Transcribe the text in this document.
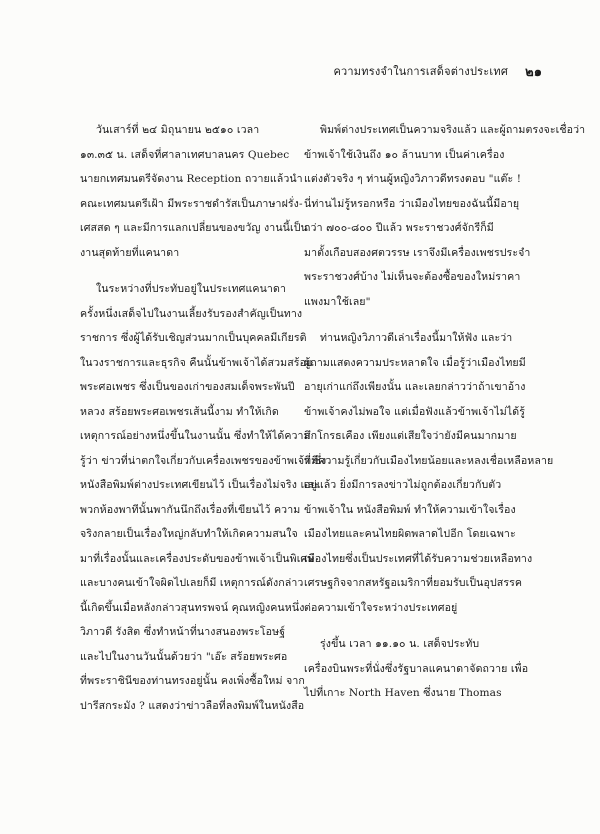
ความทรงจำในการเสด็จต่างประเทศ ๒๑
วันเสาร์ที่ ๒๔ มิถุนายน ๒๕๑๐ เวลา
๑๓.๓๕ น. เสด็จที่ศาลาเทศบาลนคร Quebec
นายกเทศมนตรีจัดงาน Reception ถวายแล้วนำ
คณะเทศมนตรีเฝ้า มีพระราชดำรัสเป็นภาษาฝรั่ง-
เศสสด ๆ และมีการแลกเปลี่ยนของขวัญ งานนี้เป็น
งานสุดท้ายที่แคนาดา
ในระหว่างที่ประทับอยู่ในประเทศแคนาดา
ครั้งหนึ่งเสด็จไปในงานเลี้ยงรับรองสำคัญเป็นทาง
ราชการ ซึ่งผู้ได้รับเชิญส่วนมากเป็นบุคคลมีเกียรติ
ในวงราชการและธุรกิจ คืนนั้นข้าพเจ้าได้สวมสร้อย
พระศอเพชร ซึ่งเป็นของเก่าของสมเด็จพระพันปี
หลวง สร้อยพระศอเพชรเส้นนี้งาม ทำให้เกิด
เหตุการณ์อย่างหนึ่งขึ้นในงานนั้น ซึ่งทำให้ได้ความ
รู้ว่า ข่าวที่น่าตกใจเกี่ยวกับเครื่องเพชรของข้าพเจ้า ซึ่ง
หนังสือพิมพ์ต่างประเทศเขียนไว้ เป็นเรื่องไม่จริง และ
พวกห้องพาทีนั้นพากันนึกถึงเรื่องที่เขียนไว้ ความ
จริงกลายเป็นเรื่องใหญ่กลับทำให้เกิดความสนใจ
มาที่เรื่องนั้นและเครื่องประดับของข้าพเจ้าเป็นพิเศษ
และบางคนเข้าใจผิดไปเลยก็มี เหตุการณ์ดังกล่าว
นี้เกิดขึ้นเมื่อหลังกล่าวสุนทรพจน์ คุณหญิงคนหนึ่ง
วิภาวดี รังสิต ซึ่งทำหน้าที่นางสนองพระโอษฐ์
และไปในงานวันนั้นด้วยว่า "เอ๊ะ สร้อยพระศอ
ที่พระราชินีของท่านทรงอยู่นั้น คงเพิ่งซื้อใหม่ จาก
ปารีสกระมัง ? แสดงว่าข่าวลือที่ลงพิมพ์ในหนังสือ
พิมพ์ต่างประเทศเป็นความจริงแล้ว และผู้ถามตรงจะเชื่อว่า
ข้าพเจ้าใช้เงินถึง ๑๐ ล้านบาท เป็นค่าเครื่อง
แต่งตัวจริง ๆ ท่านผู้หญิงวิภาวดีทรงตอบ "แต๊ะ !
นี่ท่านไม่รู้หรอกหรือ ว่าเมืองไทยของฉันนี้มีอายุ
กว่า ๗๐๐-๘๐๐ ปีแล้ว พระราชวงศ์จักรีก็มี
มาตั้งเกือบสองศตวรรษ เราจึงมีเครื่องเพชรประจำ
พระราชวงศ์บ้าง ไม่เห็นจะต้องซื้อของใหม่ราคา
แพงมาใช้เลย"
ท่านหญิงวิภาวดีเล่าเรื่องนี้มาให้ฟัง และว่า
ผู้ถามแสดงความประหลาดใจ เมื่อรู้ว่าเมืองไทยมี
อายุเก่าแก่ถึงเพียงนั้น และเลยกล่าวว่าถ้าเขาอ้าง
ข้าพเจ้าคงไม่พอใจ แต่เมื่อฟังแล้วข้าพเจ้าไม่ได้รู้
สึกโกรธเคือง เพียงแต่เสียใจว่ายังมีคนมากมาย
ที่มีความรู้เกี่ยวกับเมืองไทยน้อยและหลงเชื่อเหลือหลาย
อยู่แล้ว ยิ่งมีการลงข่าวไม่ถูกต้องเกี่ยวกับตัว
ข้าพเจ้าใน หนังสือพิมพ์ ทำให้ความเข้าใจเรื่อง
เมืองไทยและคนไทยผิดพลาดไปอีก โดยเฉพาะ
เมืองไทยซึ่งเป็นประเทศที่ได้รับความช่วยเหลือทาง
เศรษฐกิจจากสหรัฐอเมริกาที่ยอมรับเป็นอุปสรรค
ต่อความเข้าใจระหว่างประเทศอยู่
รุ่งขึ้น เวลา ๑๑.๑๐ น. เสด็จประทับ
เครื่องบินพระที่นั่งซึ่งรัฐบาลแคนาดาจัดถวาย เพื่อ
ไปที่เกาะ North Haven ซึ่งนาย Thomas
